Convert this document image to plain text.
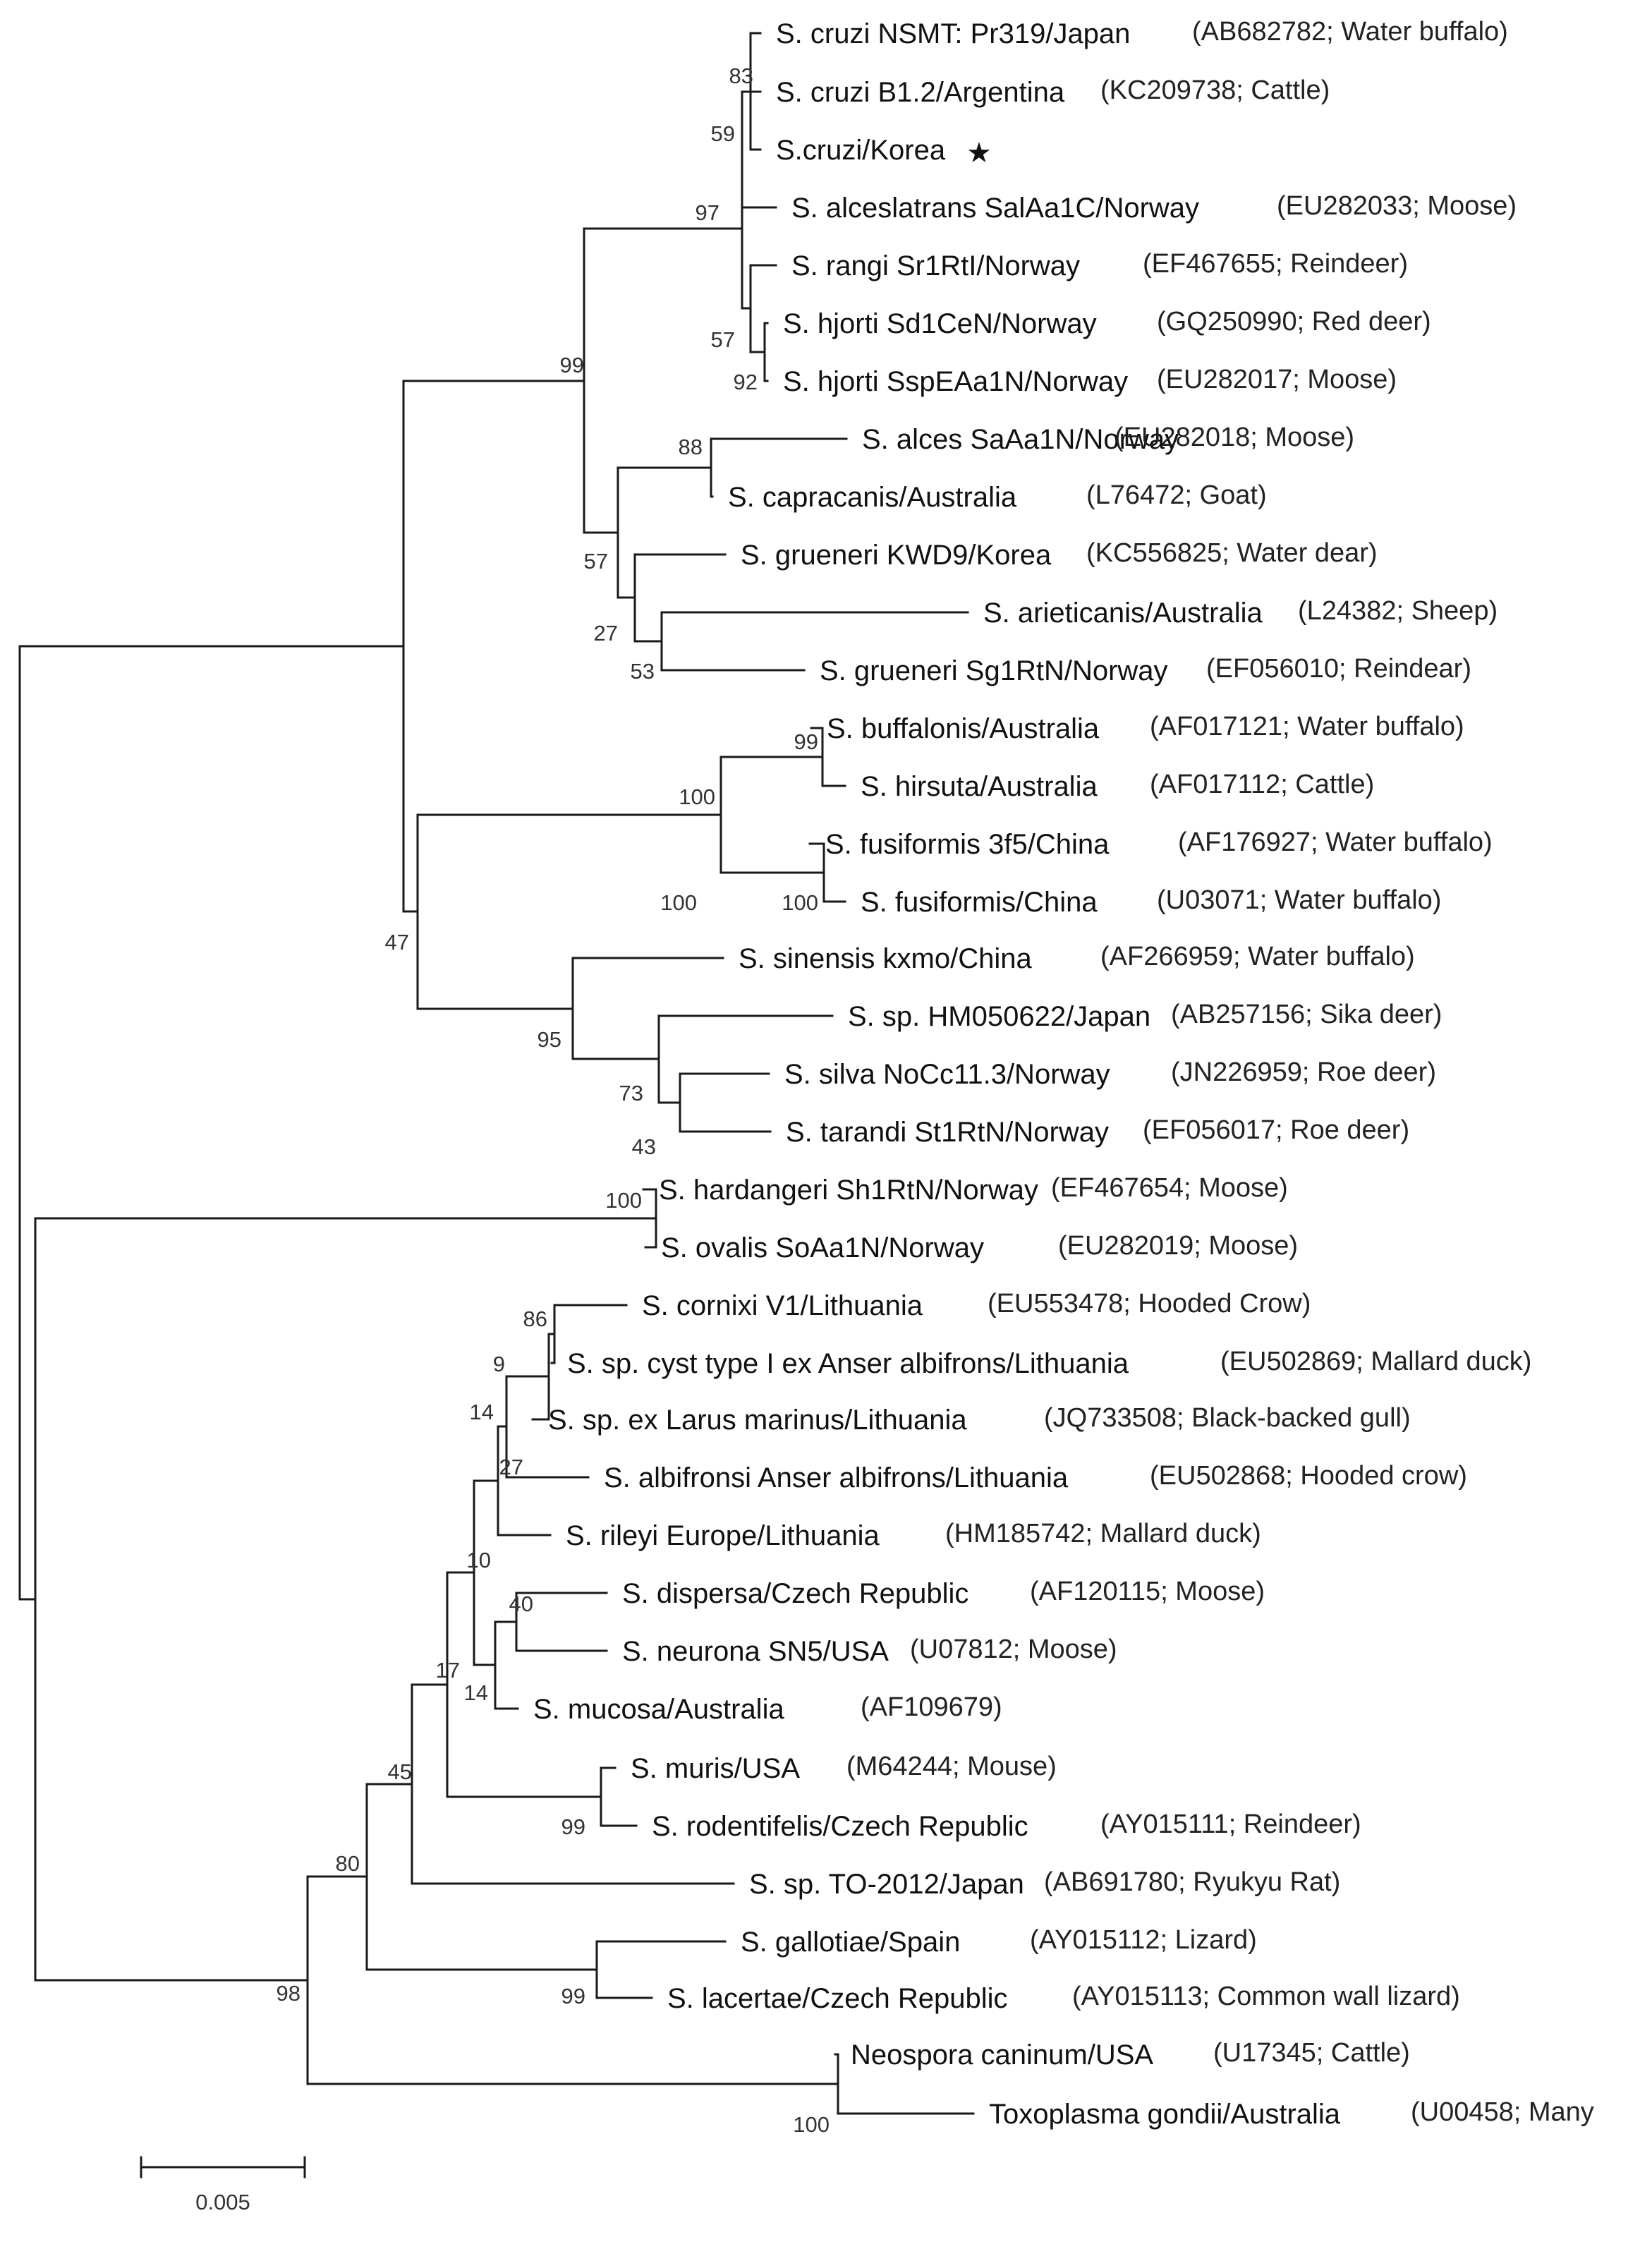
S. cruzi NSMT: Pr319/Japan (AB682782; Water buffalo)
S. cruzi B1.2/Argentina (KC209738; Cattle)
S.cruzi/Korea ★
S. alceslatrans SalAa1C/Norway	(EU282033; Moose)
S. rangi Sr1RtI/Norway (EF467655; Reindeer)
S. hjorti Sd1CeN/Norway (GQ250990; Red deer)
S. hjorti SspEAa1N/Norway (EU282017; Moose)
S. alces SaAa1N/Norway
(EU282018; Moose)
S. capracanis/Australia	(L76472; Goat)
S. grueneri KWD9/Korea (KC556825; Water dear)
S. arieticanis/Australia (L24382; Sheep)
S. grueneri Sg1RtN/Norway (EF056010; Reindear)
S. buffalonis/Australia (AF017121; Water buffalo)
S. hirsuta/Australia (AF017112; Cattle)
S. fusiformis 3f5/China	(AF176927; Water buffalo)
S. fusiformis/China (U03071; Water buffalo)
S. sinensis kxmo/China	(AF266959; Water buffalo)
S. sp. HM050622/Japan (AB257156; Sika deer)
S. silva NoCc11.3/Norway (JN226959; Roe deer)
S. tarandi St1RtN/Norway (EF056017; Roe deer)
S. hardangeri Sh1RtN/Norway (EF467654; Moose)
S. ovalis SoAa1N/Norway	(EU282019; Moose)
S. cornixi V1/Lithuania (EU553478; Hooded Crow)
S. sp. cyst type I ex Anser albifrons/Lithuania	(EU502869; Mallard duck)
S. sp. ex Larus marinus/Lithuania	(JQ733508; Black-backed gull)
S. albifronsi Anser albifrons/Lithuania	(EU502868; Hooded crow)
S. rileyi Europe/Lithuania (HM185742; Mallard duck)
S. dispersa/Czech Republic (AF120115; Moose)
S. neurona SN5/USA (U07812; Moose)
S. mucosa/Australia	(AF109679)
S. muris/USA (M64244; Mouse)
S. rodentifelis/Czech Republic	(AY015111; Reindeer)
S. sp. TO-2012/Japan (AB691780; Ryukyu Rat)
S. gallotiae/Spain	(AY015112; Lizard)
S. lacertae/Czech Republic (AY015113; Common wall lizard)
Neospora caninum/USA (U17345; Cattle)
Toxoplasma gondii/Australia	(U00458; Many
83
59
97
57
92
99
88
57
27
53
100
99
100
100
47
95
73
43
100
86
9
14
27
10
40
14
17
99
45
80
99
98
100
0.005
